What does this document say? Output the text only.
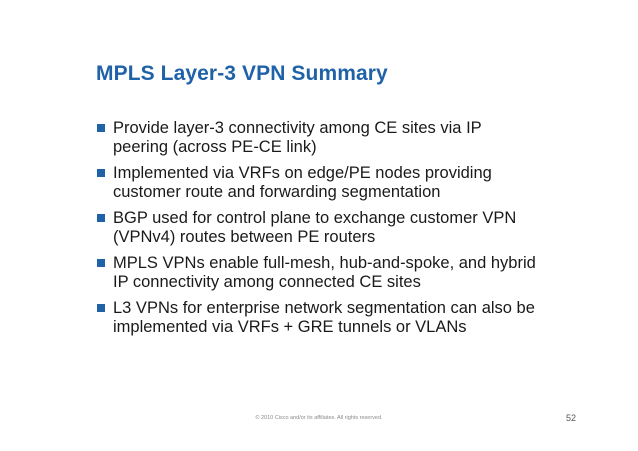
MPLS Layer-3 VPN Summary
Provide layer-3 connectivity among CE sites via IP peering (across PE-CE link)
Implemented via VRFs on edge/PE nodes providing customer route and forwarding segmentation
BGP used for control plane to exchange customer VPN (VPNv4) routes between PE routers
MPLS VPNs enable full-mesh, hub-and-spoke, and hybrid IP connectivity among connected CE sites
L3 VPNs for enterprise network segmentation can also be implemented via VRFs + GRE tunnels or VLANs

© 2010 Cisco and/or its affiliates. All rights reserved.	52
